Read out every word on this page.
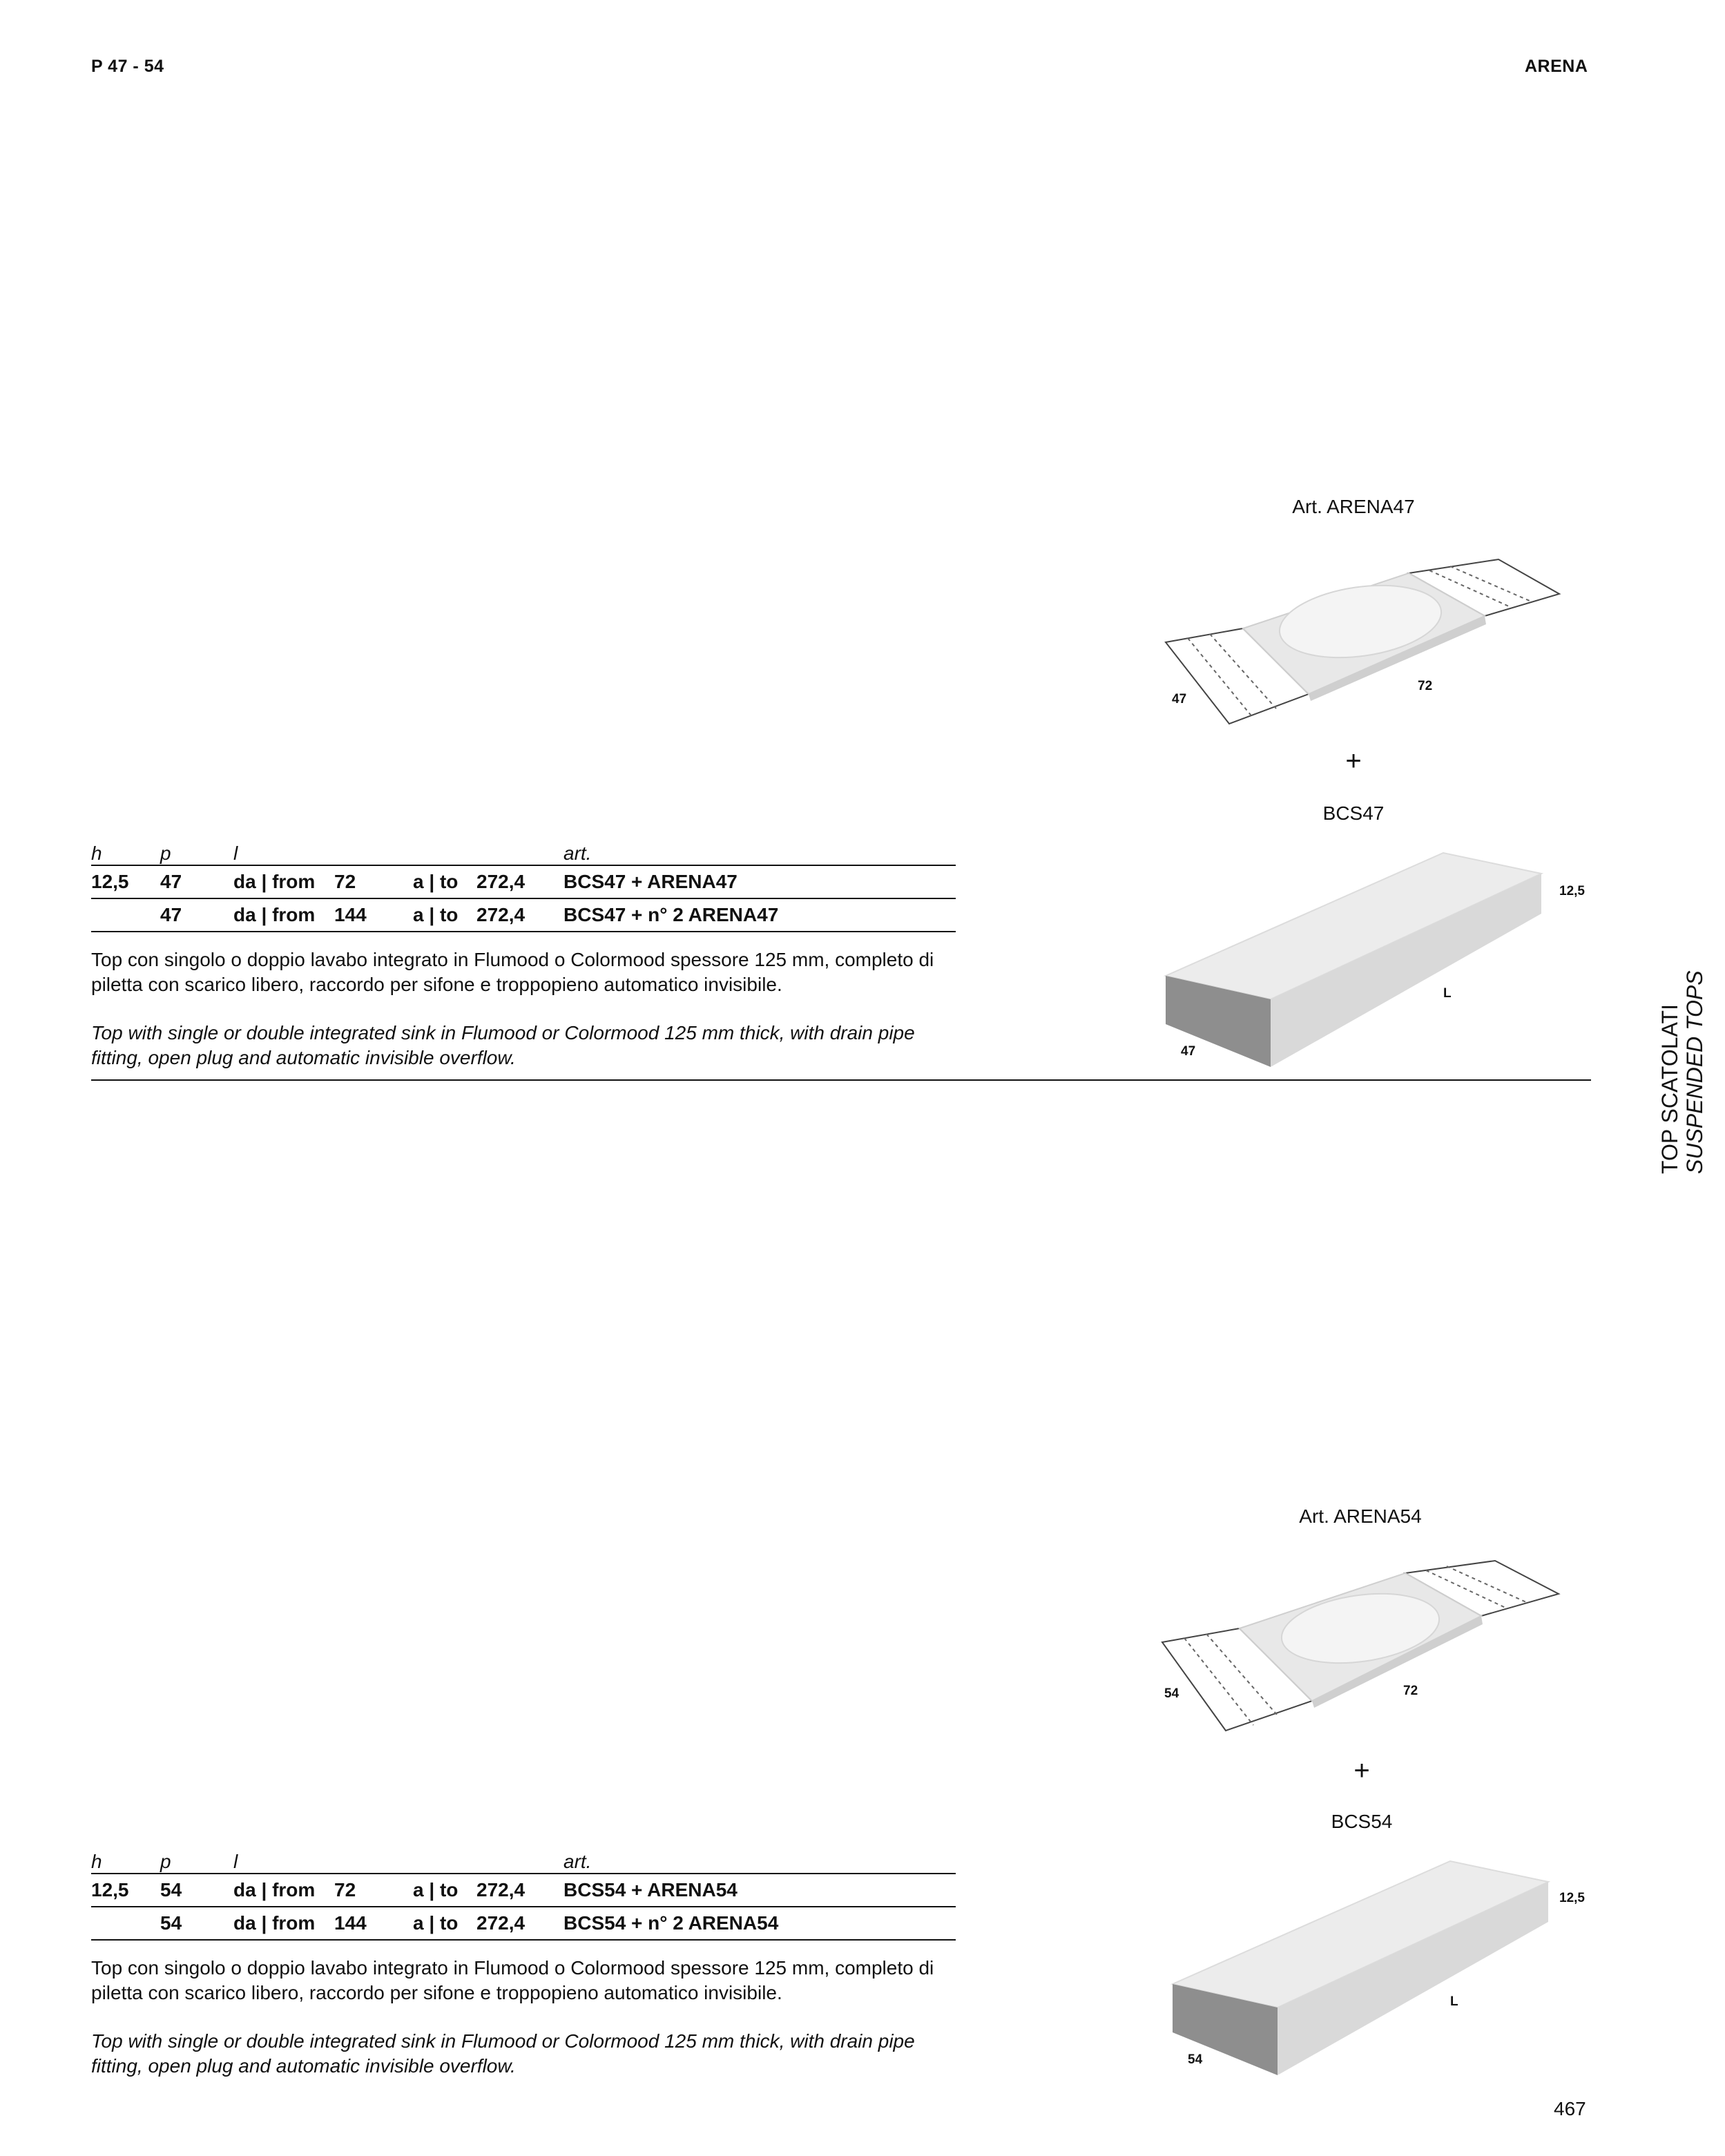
P 47 - 54	ARENA
TOP SCATOLATI SUSPENDED TOPS
Art. ARENA47
47
72
+
BCS47
12,5
L
47
h	p	l				art.
12,5	47	da | from	72	a | to	272,4	BCS47 + ARENA47
	47	da | from	144	a | to	272,4	BCS47 + n° 2 ARENA47

Top con singolo o doppio lavabo integrato in Flumood o Colormood spessore 125 mm, completo di piletta con scarico libero, raccordo per sifone e troppopieno automatico invisibile.

Top with single or double integrated sink in Flumood or Colormood 125 mm thick, with drain pipe fitting, open plug and automatic invisible overflow.

Art. ARENA54
54	72
+
BCS54
12,5
L
54
h	p	l				art.
12,5	54	da | from	72	a | to	272,4	BCS54 + ARENA54
	54	da | from	144	a | to	272,4	BCS54 + n° 2 ARENA54

Top con singolo o doppio lavabo integrato in Flumood o Colormood spessore 125 mm, completo di piletta con scarico libero, raccordo per sifone e troppopieno automatico invisibile.

Top with single or double integrated sink in Flumood or Colormood 125 mm thick, with drain pipe fitting, open plug and automatic invisible overflow.

467
